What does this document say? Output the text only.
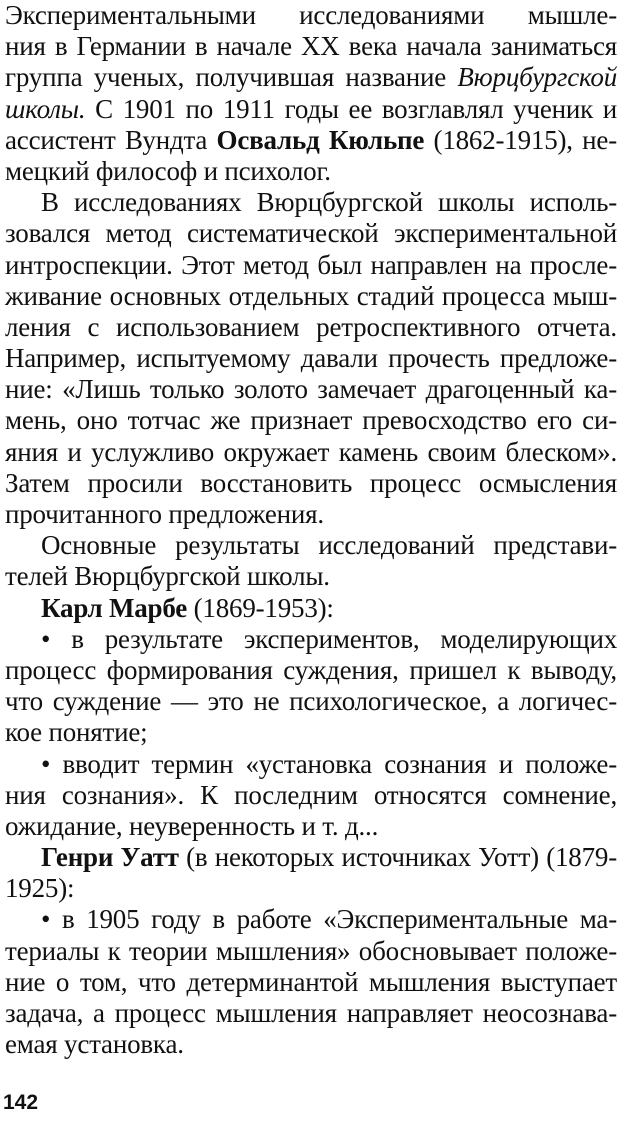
Экспериментальными исследованиями мышле-
ния в Германии в начале XX века начала заниматься
группа ученых, получившая название Вюрцбургской
школы. С 1901 по 1911 годы ее возглавлял ученик и
ассистент Вундта Освальд Кюльпе (1862-1915), не-
мецкий философ и психолог.
В исследованиях Вюрцбургской школы исполь-
зовался метод систематической экспериментальной
интроспекции. Этот метод был направлен на просле-
живание основных отдельных стадий процесса мыш-
ления с использованием ретроспективного отчета.
Например, испытуемому давали прочесть предложе-
ние: «Лишь только золото замечает драгоценный ка-
мень, оно тотчас же признает превосходство его си-
яния и услужливо окружает камень своим блеском».
Затем просили восстановить процесс осмысления
прочитанного предложения.
Основные результаты исследований представи-
телей Вюрцбургской школы.
Карл Марбе (1869-1953):
• в результате экспериментов, моделирующих
процесс формирования суждения, пришел к выводу,
что суждение — это не психологическое, а логичес-
кое понятие;
• вводит термин «установка сознания и положе-
ния сознания». К последним относятся сомнение,
ожидание, неуверенность и т. д...
Генри Уатт (в некоторых источниках Уотт) (1879-
1925):
• в 1905 году в работе «Экспериментальные ма-
териалы к теории мышления» обосновывает положе-
ние о том, что детерминантой мышления выступает
задача, а процесс мышления направляет неосознава-
емая установка.
142
